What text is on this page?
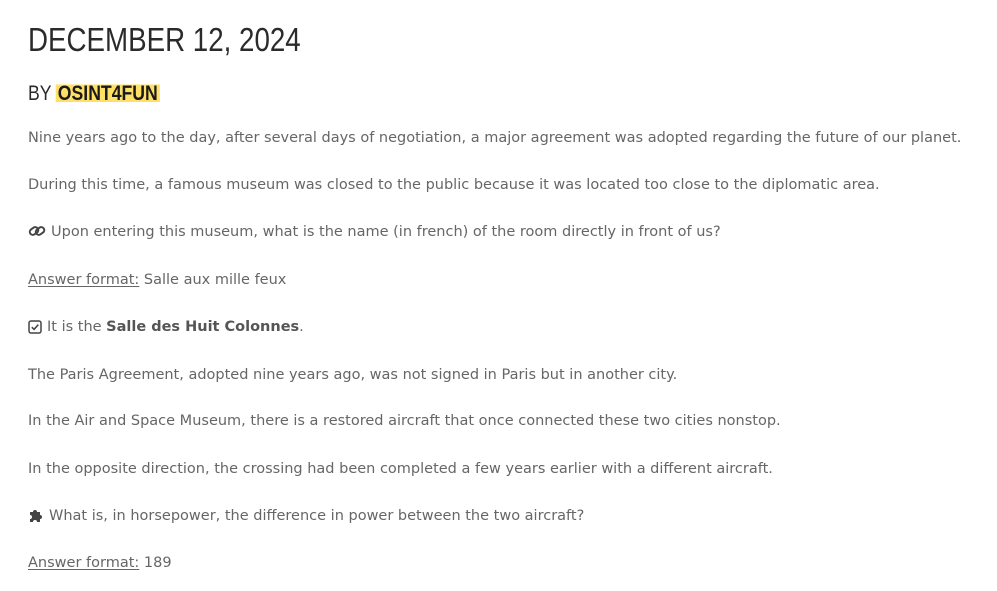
DECEMBER 12, 2024
BY OSINT4FUN

Nine years ago to the day, after several days of negotiation, a major agreement was adopted regarding the future of our planet.

During this time, a famous museum was closed to the public because it was located too close to the diplomatic area.

Upon entering this museum, what is the name (in french) of the room directly in front of us?

Answer format: Salle aux mille feux

It is the Salle des Huit Colonnes.

The Paris Agreement, adopted nine years ago, was not signed in Paris but in another city.

In the Air and Space Museum, there is a restored aircraft that once connected these two cities nonstop.

In the opposite direction, the crossing had been completed a few years earlier with a different aircraft.

What is, in horsepower, the difference in power between the two aircraft?

Answer format: 189
